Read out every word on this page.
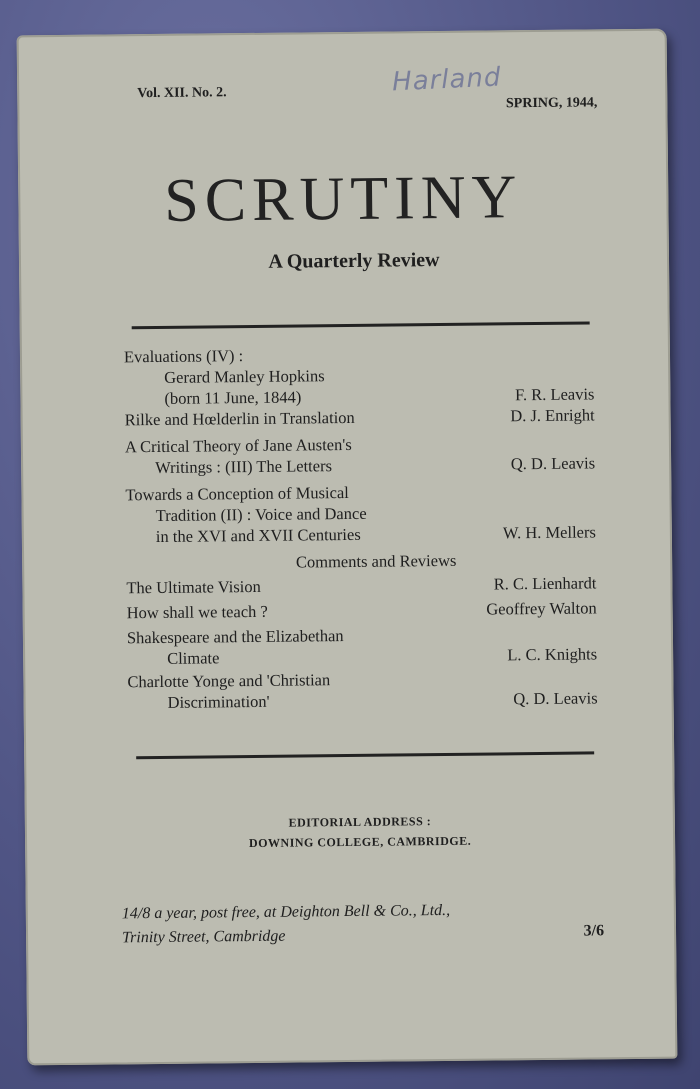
Vol. XII. No. 2.
SPRING, 1944,
Harland
SCRUTINY
A Quarterly Review
Evaluations (IV) :
Gerard Manley Hopkins
(born 11 June, 1844)	F. R. Leavis
Rilke and Hœlderlin in Translation	D. J. Enright
A Critical Theory of Jane Austen's
Writings : (III) The Letters	Q. D. Leavis
Towards a Conception of Musical
Tradition (II) : Voice and Dance
in the XVI and XVII Centuries	W. H. Mellers
Comments and Reviews
The Ultimate Vision	R. C. Lienhardt
How shall we teach ?	Geoffrey Walton
Shakespeare and the Elizabethan
Climate	L. C. Knights
Charlotte Yonge and 'Christian
Discrimination'	Q. D. Leavis
EDITORIAL ADDRESS :
DOWNING COLLEGE, CAMBRIDGE.
14/8 a year, post free, at Deighton Bell & Co., Ltd.,
Trinity Street, Cambridge	3/6
